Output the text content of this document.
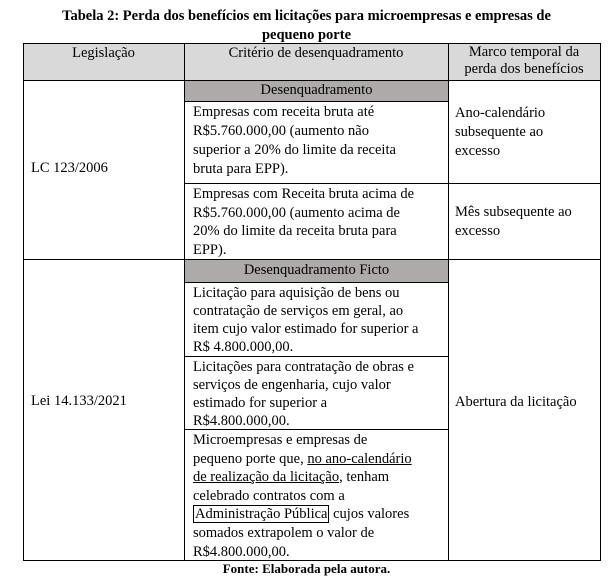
Tabela 2: Perda dos benefícios em licitações para microempresas e empresas de
pequeno porte
Legislação	Critério de desenquadramento	Marco temporal da
perda dos benefícios
LC 123/2006
Desenquadramento
Empresas com receita bruta até
R$5.760.000,00 (aumento não
superior a 20% do limite da receita
bruta para EPP).
Ano-calendário
subsequente ao
excesso
Empresas com Receita bruta acima de
R$5.760.000,00 (aumento acima de
20% do limite da receita bruta para
EPP).
Mês subsequente ao
excesso
Lei 14.133/2021
Desenquadramento Ficto
Licitação para aquisição de bens ou
contratação de serviços em geral, ao
item cujo valor estimado for superior a
R$ 4.800.000,00.
Licitações para contratação de obras e
serviços de engenharia, cujo valor
estimado for superior a
R$4.800.000,00.
Microempresas e empresas de
pequeno porte que, no ano-calendário
de realização da licitação, tenham
celebrado contratos com a
Administração Pública cujos valores
somados extrapolem o valor de
R$4.800.000,00.
Abertura da licitação
Fonte: Elaborada pela autora.
